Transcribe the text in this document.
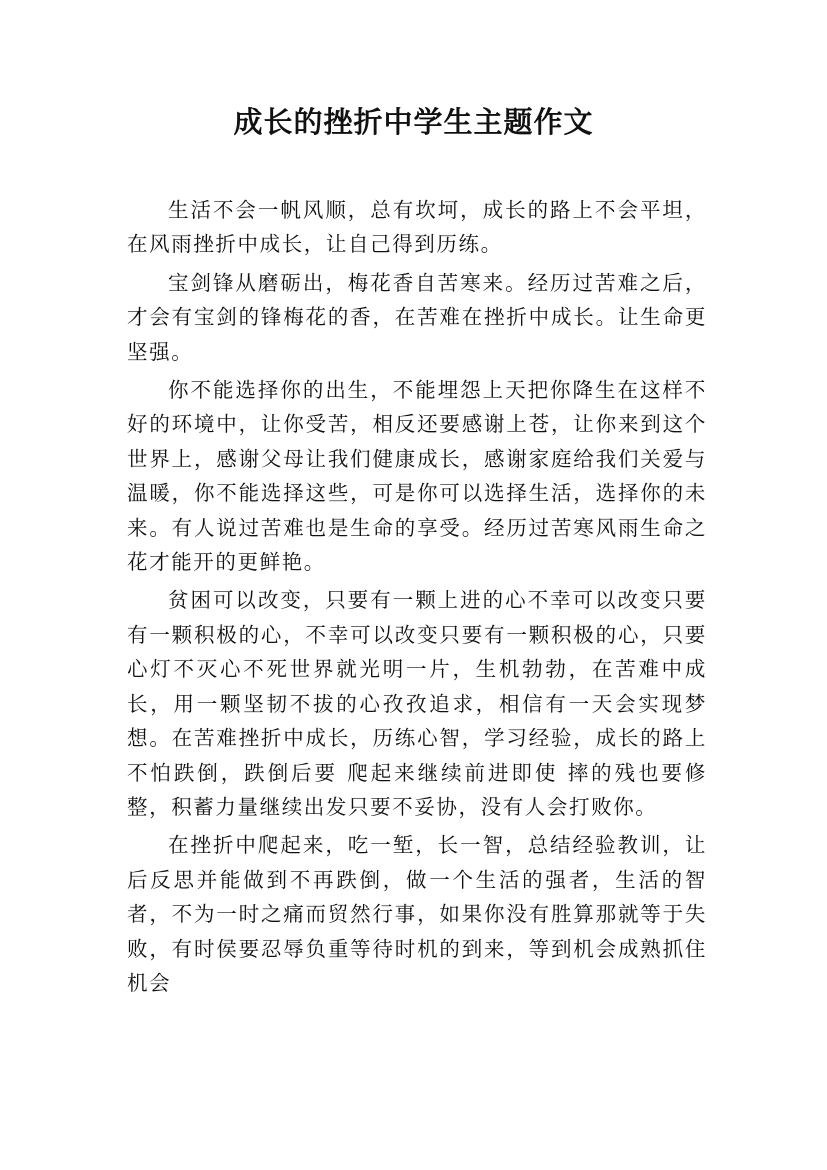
成长的挫折中学生主题作文

生活不会一帆风顺，总有坎坷，成长的路上不会平坦，在风雨挫折中成长，让自己得到历练。

宝剑锋从磨砺出，梅花香自苦寒来。经历过苦难之后，才会有宝剑的锋梅花的香，在苦难在挫折中成长。让生命更坚强。

你不能选择你的出生，不能埋怨上天把你降生在这样不好的环境中，让你受苦，相反还要感谢上苍，让你来到这个世界上，感谢父母让我们健康成长，感谢家庭给我们关爱与温暖，你不能选择这些，可是你可以选择生活，选择你的未来。有人说过苦难也是生命的享受。经历过苦寒风雨生命之花才能开的更鲜艳。

贫困可以改变，只要有一颗上进的心不幸可以改变只要有一颗积极的心，不幸可以改变只要有一颗积极的心，只要心灯不灭心不死世界就光明一片，生机勃勃，在苦难中成长，用一颗坚韧不拔的心孜孜追求，相信有一天会实现梦想。在苦难挫折中成长，历练心智，学习经验，成长的路上不怕跌倒，跌倒后要 爬起来继续前进即使 摔的残也要修整，积蓄力量继续出发只要不妥协，没有人会打败你。

在挫折中爬起来，吃一堑，长一智，总结经验教训，让后反思并能做到不再跌倒，做一个生活的强者，生活的智者，不为一时之痛而贸然行事，如果你没有胜算那就等于失败，有时侯要忍辱负重等待时机的到来，等到机会成熟抓住机会
